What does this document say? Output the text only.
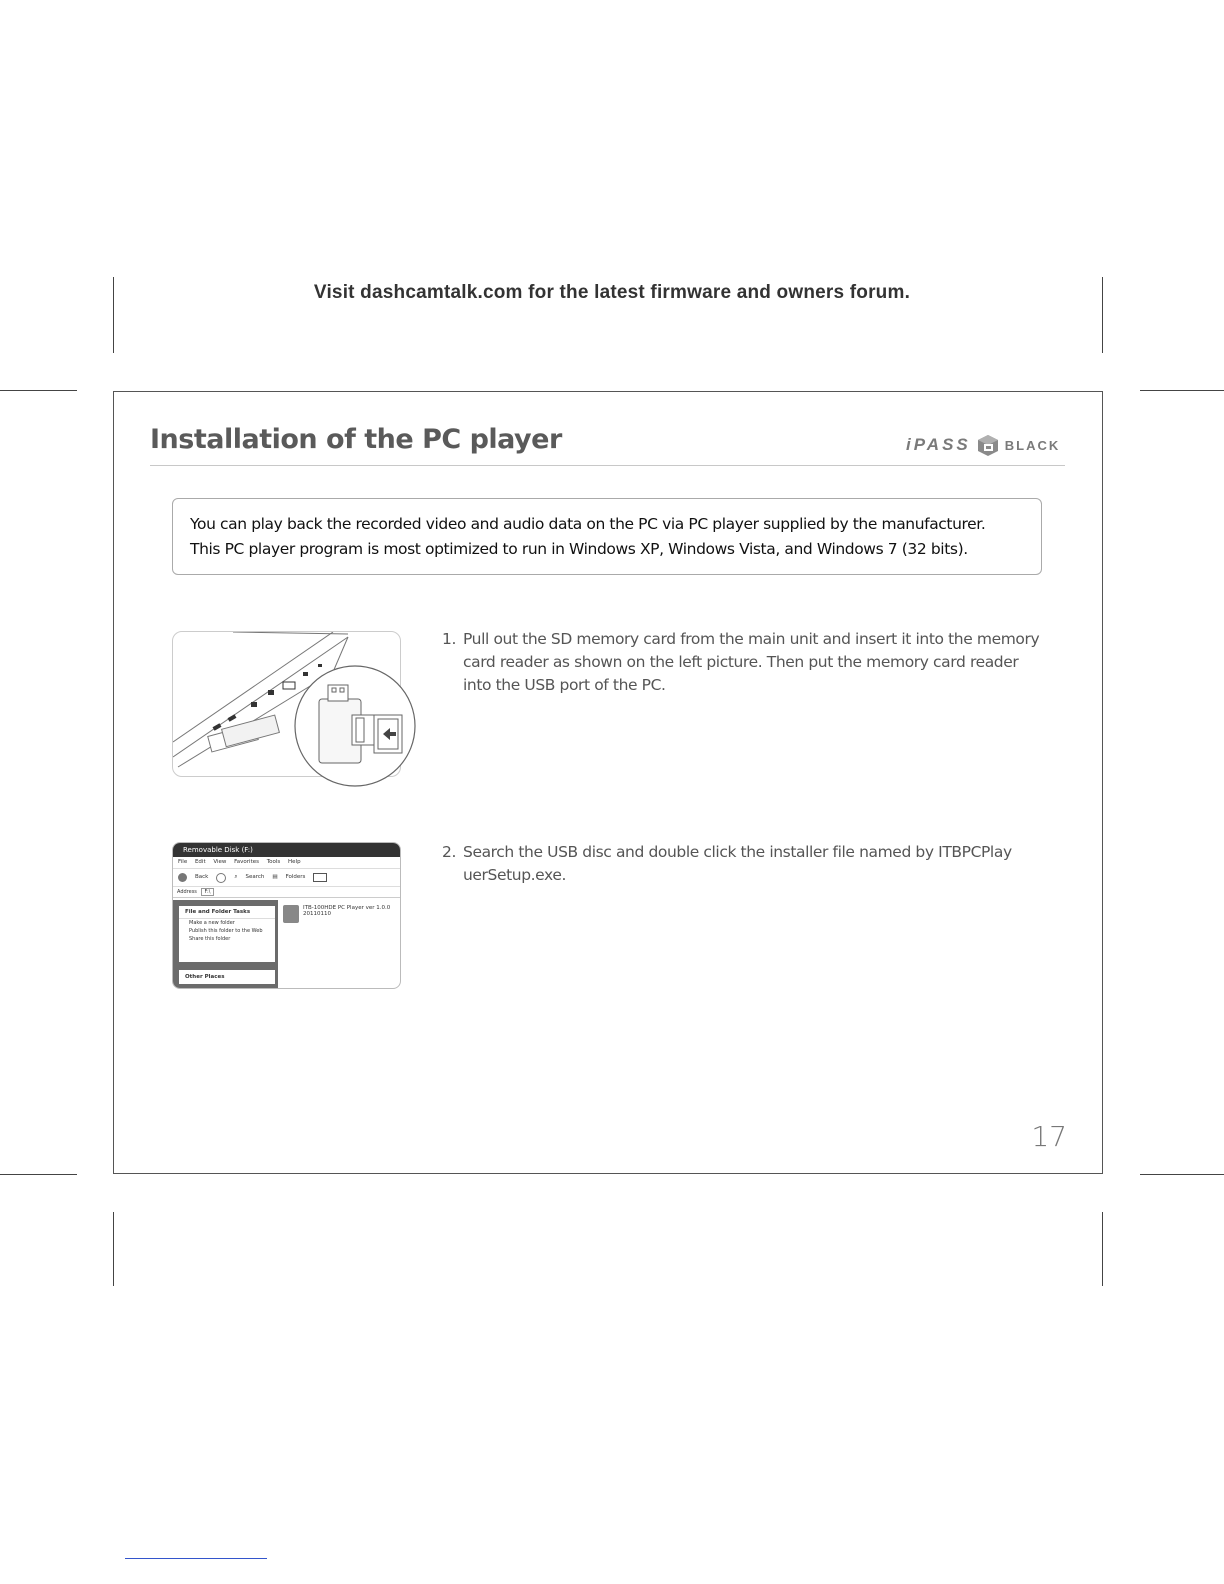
Visit dashcamtalk.com for the latest firmware and owners forum.
Installation of the PC player	iPASS	BLACK

You can play back the recorded video and audio data on the PC via PC player supplied by the manufacturer.

This PC player program is most optimized to run in Windows XP, Windows Vista, and Windows 7 (32 bits).

1. Pull out the SD memory card from the main unit and insert it into the memory
card reader as shown on the left picture. Then put the memory card reader
into the USB port of the PC.
Removable Disk (F:)
File Edit View Favorites Tools Help
Back	⌕ Search ▤ Folders
Address F:\
File and Folder Tasks
Make a new folder
Publish this folder to the Web
Share this folder
Other Places
ITB-100HDE PC Player ver 1.0.0
20110110
2. Search the USB disc and double click the installer file named by ITBPCPlay
uerSetup.exe.
17
